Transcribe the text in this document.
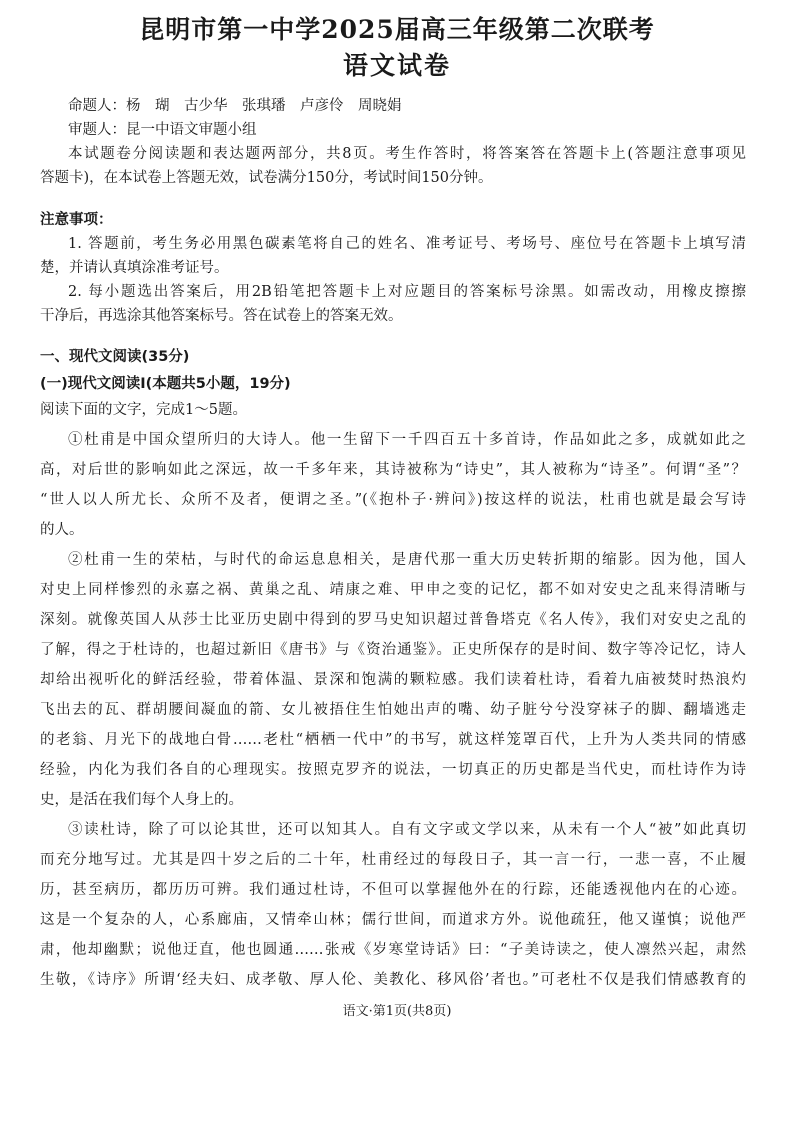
昆明市第一中学2025届高三年级第二次联考
语文试卷
命题人：杨　瑚　古少华　张琪璠　卢彦伶　周晓娟
审题人：昆一中语文审题小组
本试题卷分阅读题和表达题两部分，共8页。考生作答时，将答案答在答题卡上(答题注意事项见
答题卡)，在本试卷上答题无效，试卷满分150分，考试时间150分钟。
注意事项：
1. 答题前，考生务必用黑色碳素笔将自己的姓名、准考证号、考场号、座位号在答题卡上填写清
楚，并请认真填涂准考证号。
2. 每小题选出答案后，用2B铅笔把答题卡上对应题目的答案标号涂黑。如需改动，用橡皮擦擦
干净后，再选涂其他答案标号。答在试卷上的答案无效。
一、现代文阅读(35分)
(一)现代文阅读Ⅰ(本题共5小题，19分)
阅读下面的文字，完成1～5题。
①杜甫是中国众望所归的大诗人。他一生留下一千四百五十多首诗，作品如此之多，成就如此之
高，对后世的影响如此之深远，故一千多年来，其诗被称为“诗史”，其人被称为“诗圣”。何谓“圣”？
“世人以人所尤长、众所不及者，便谓之圣。”(《抱朴子·辨问》)按这样的说法，杜甫也就是最会写诗
的人。
②杜甫一生的荣枯，与时代的命运息息相关，是唐代那一重大历史转折期的缩影。因为他，国人
对史上同样惨烈的永嘉之祸、黄巢之乱、靖康之难、甲申之变的记忆，都不如对安史之乱来得清晰与
深刻。就像英国人从莎士比亚历史剧中得到的罗马史知识超过普鲁塔克《名人传》，我们对安史之乱的
了解，得之于杜诗的，也超过新旧《唐书》与《资治通鉴》。正史所保存的是时间、数字等冷记忆，诗人
却给出视听化的鲜活经验，带着体温、景深和饱满的颗粒感。我们读着杜诗，看着九庙被焚时热浪灼
飞出去的瓦、群胡腰间凝血的箭、女儿被捂住生怕她出声的嘴、幼子脏兮兮没穿袜子的脚、翻墙逃走
的老翁、月光下的战地白骨……老杜“栖栖一代中”的书写，就这样笼罩百代，上升为人类共同的情感
经验，内化为我们各自的心理现实。按照克罗齐的说法，一切真正的历史都是当代史，而杜诗作为诗
史，是活在我们每个人身上的。
③读杜诗，除了可以论其世，还可以知其人。自有文字或文学以来，从未有一个人“被”如此真切
而充分地写过。尤其是四十岁之后的二十年，杜甫经过的每段日子，其一言一行，一悲一喜，不止履
历，甚至病历，都历历可辨。我们通过杜诗，不但可以掌握他外在的行踪，还能透视他内在的心迹。
这是一个复杂的人，心系廊庙，又情牵山林；儒行世间，而道求方外。说他疏狂，他又谨慎；说他严
肃，他却幽默；说他迂直，他也圆通……张戒《岁寒堂诗话》曰：“子美诗读之，使人凛然兴起，肃然
生敬，《诗序》所谓‘经夫妇、成孝敬、厚人伦、美教化、移风俗’者也。”可老杜不仅是我们情感教育的
语文·第1页(共8页)
